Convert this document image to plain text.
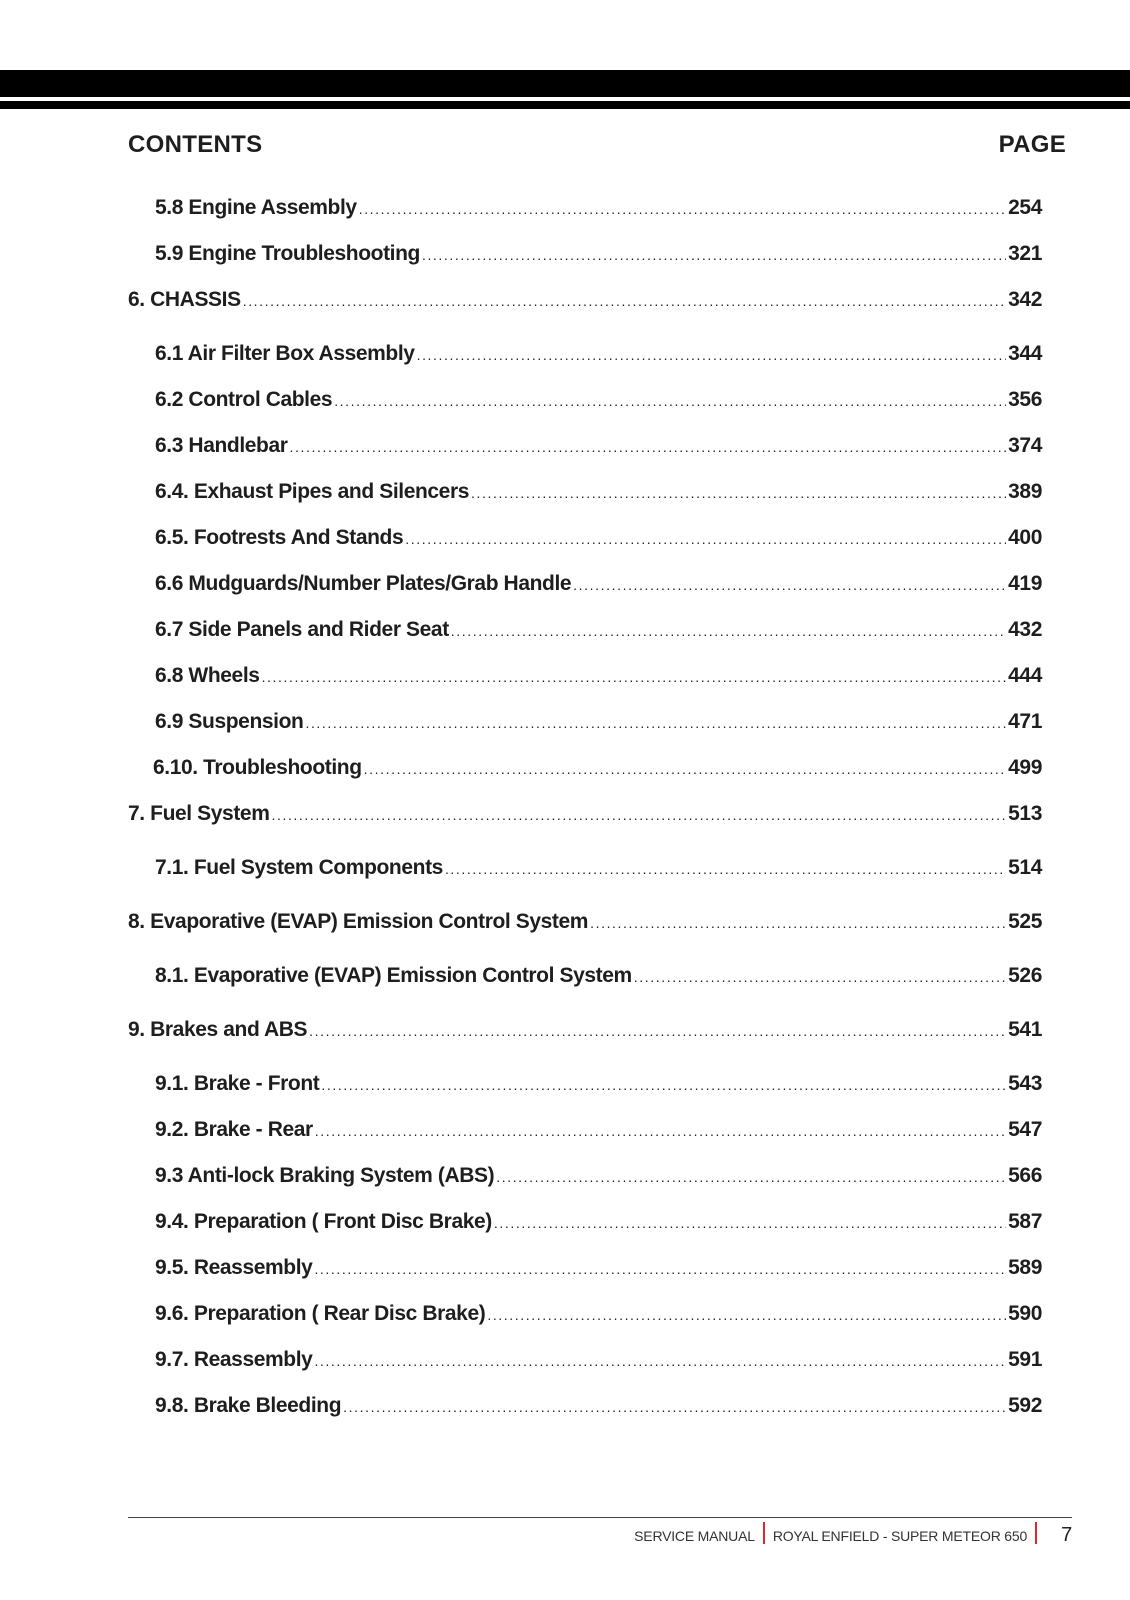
CONTENTS	PAGE
5.8 Engine Assembly .....	254
5.9 Engine Troubleshooting .....	321
6. CHASSIS .....	342
6.1 Air Filter Box Assembly .....	344
6.2 Control Cables .....	356
6.3 Handlebar .....	374
6.4. Exhaust Pipes and Silencers .....	389
6.5. Footrests And Stands .....	400
6.6 Mudguards/Number Plates/Grab Handle .....	419
6.7 Side Panels and Rider Seat .....	432
6.8 Wheels .....	444
6.9 Suspension .....	471
6.10. Troubleshooting .....	499
7. Fuel System .....	513
7.1. Fuel System Components .....	514
8. Evaporative (EVAP) Emission Control System .....	525
8.1. Evaporative (EVAP) Emission Control System .....	526
9. Brakes and ABS .....	541
9.1. Brake - Front .....	543
9.2. Brake - Rear .....	547
9.3 Anti-lock Braking System (ABS) .....	566
9.4. Preparation ( Front Disc Brake) .....	587
9.5. Reassembly .....	589
9.6. Preparation ( Rear Disc Brake) .....	590
9.7. Reassembly .....	591
9.8. Brake Bleeding .....	592
SERVICE MANUAL ROYAL ENFIELD - SUPER METEOR 650 7
